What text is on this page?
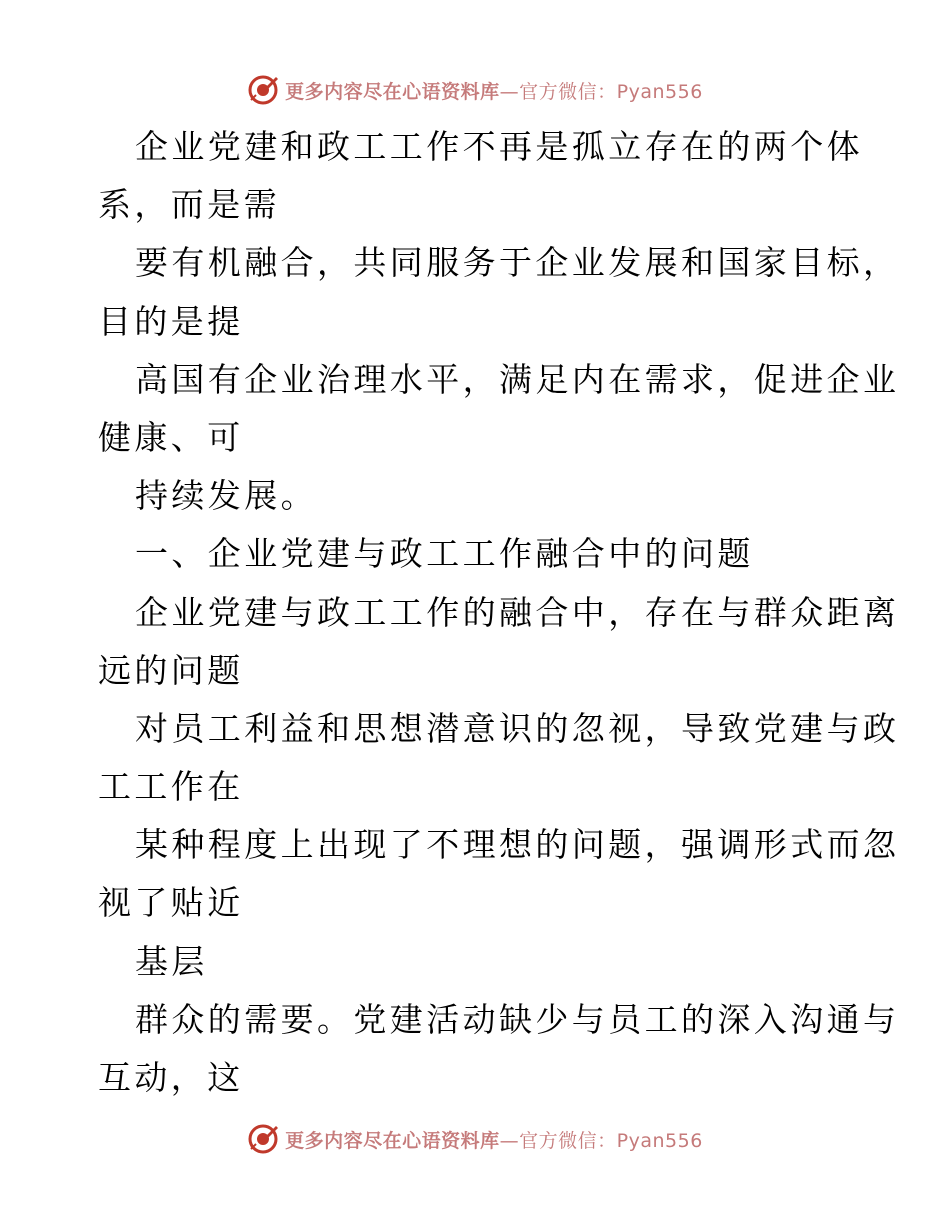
更多内容尽在心语资料库—官方微信：Pyan556
企业党建和政工工作不再是孤立存在的两个体
系，而是需
要有机融合，共同服务于企业发展和国家目标，
目的是提
高国有企业治理水平，满足内在需求，促进企业
健康、可
持续发展。
一、企业党建与政工工作融合中的问题
企业党建与政工工作的融合中，存在与群众距离
远的问题
对员工利益和思想潜意识的忽视，导致党建与政
工工作在
某种程度上出现了不理想的问题，强调形式而忽
视了贴近
基层
群众的需要。党建活动缺少与员工的深入沟通与
互动，这
更多内容尽在心语资料库—官方微信：Pyan556
